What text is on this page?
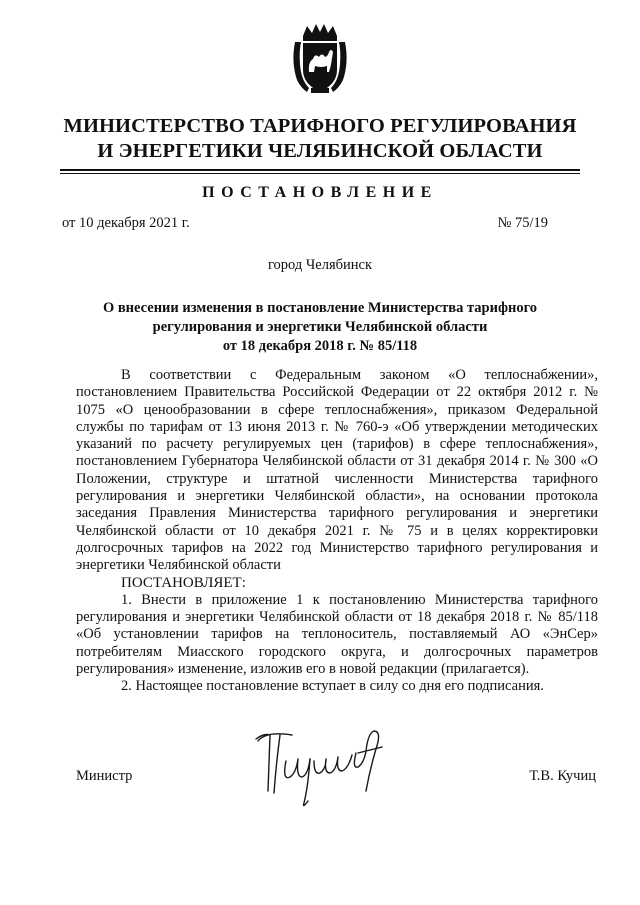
МИНИСТЕРСТВО ТАРИФНОГО РЕГУЛИРОВАНИЯ
И ЭНЕРГЕТИКИ ЧЕЛЯБИНСКОЙ ОБЛАСТИ
ПОСТАНОВЛЕНИЕ
от 10 декабря 2021 г.	№ 75/19
город Челябинск
О внесении изменения в постановление Министерства тарифного
регулирования и энергетики Челябинской области
от 18 декабря 2018 г. № 85/118

В соответствии с Федеральным законом «О теплоснабжении», постановлением Правительства Российской Федерации от 22 октября 2012 г. № 1075 «О ценообразовании в сфере теплоснабжения», приказом Федеральной службы по тарифам от 13 июня 2013 г. № 760-э «Об утверждении методических указаний по расчету регулируемых цен (тарифов) в сфере теплоснабжения», постановлением Губернатора Челябинской области от 31 декабря 2014 г. № 300 «О Положении, структуре и штатной численности Министерства тарифного регулирования и энергетики Челябинской области», на основании протокола заседания Правления Министерства тарифного регулирования и энергетики Челябинской области от 10 декабря 2021 г. № 75 и в целях корректировки долгосрочных тарифов на 2022 год Министерство тарифного регулирования и энергетики Челябинской области

ПОСТАНОВЛЯЕТ:

1. Внести в приложение 1 к постановлению Министерства тарифного регулирования и энергетики Челябинской области от 18 декабря 2018 г. № 85/118 «Об установлении тарифов на теплоноситель, поставляемый АО «ЭнСер» потребителям Миасского городского округа, и долгосрочных параметров регулирования» изменение, изложив его в новой редакции (прилагается).

2. Настоящее постановление вступает в силу со дня его подписания.

Министр	Т.В. Кучиц
